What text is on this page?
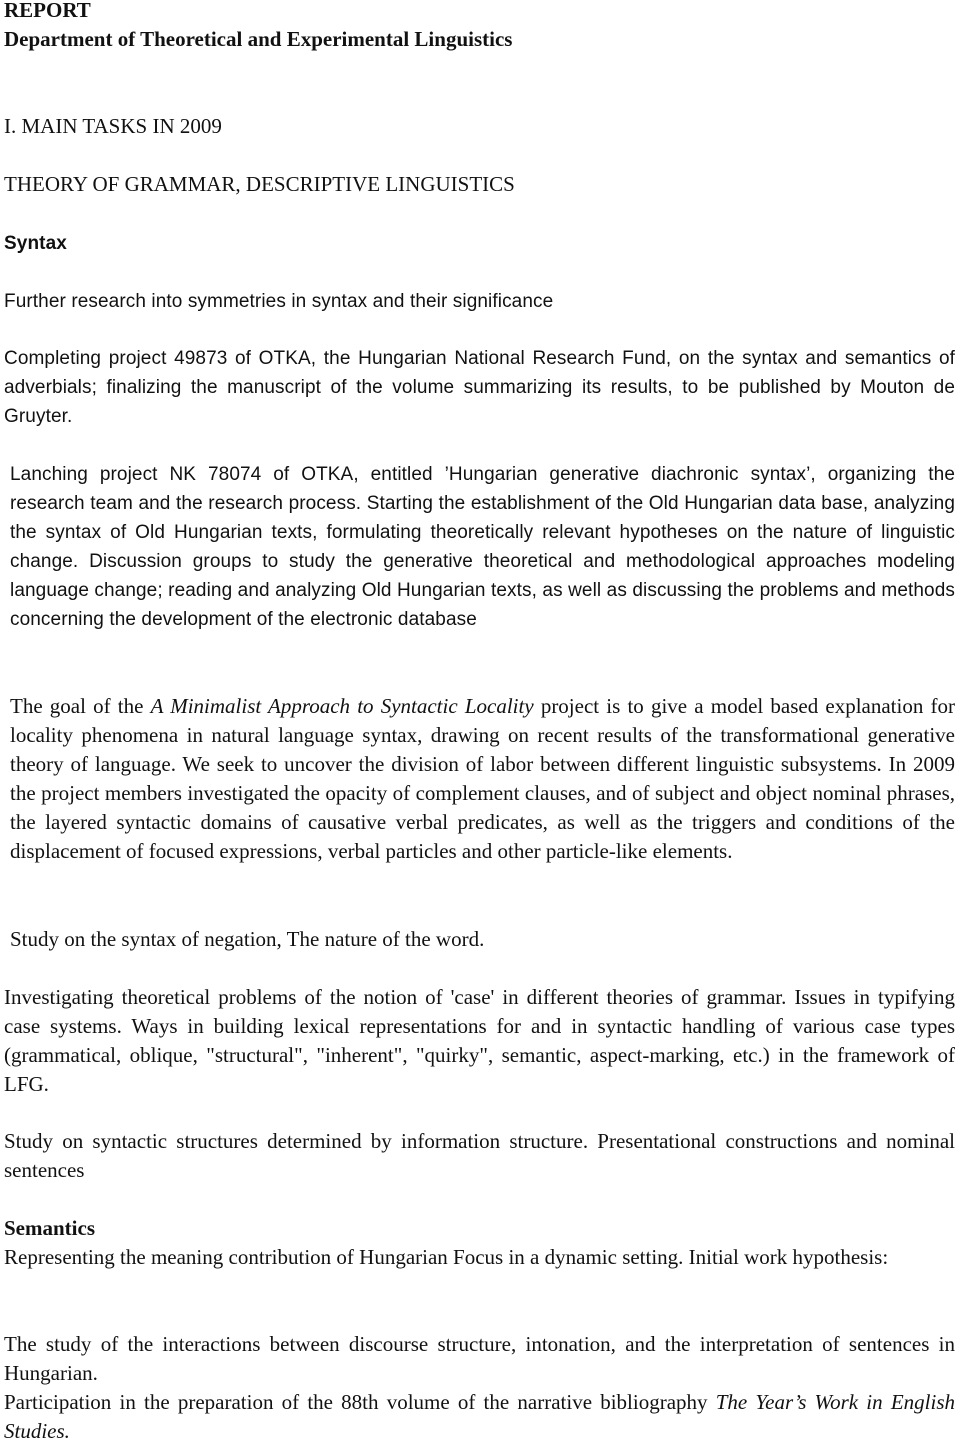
REPORT

Department of Theoretical and Experimental Linguistics

I. MAIN TASKS IN 2009

THEORY OF GRAMMAR, DESCRIPTIVE LINGUISTICS

Syntax

Further research into symmetries in syntax and their significance

Completing project 49873 of OTKA, the Hungarian National Research Fund, on the syntax and semantics of adverbials; finalizing the manuscript of the volume summarizing its results, to be published by Mouton de Gruyter.

Lanching project NK 78074 of OTKA, entitled ’Hungarian generative diachronic syntax’, organizing the research team and the research process. Starting the establishment of the Old Hungarian data base, analyzing the syntax of Old Hungarian texts, formulating theoretically relevant hypotheses on the nature of linguistic change. Discussion groups to study the generative theoretical and methodological approaches modeling language change; reading and analyzing Old Hungarian texts, as well as discussing the problems and methods concerning the development of the electronic database

The goal of the A Minimalist Approach to Syntactic Locality project is to give a model based explanation for locality phenomena in natural language syntax, drawing on recent results of the transformational generative theory of language. We seek to uncover the division of labor between different linguistic subsystems. In 2009 the project members investigated the opacity of complement clauses, and of subject and object nominal phrases, the layered syntactic domains of causative verbal predicates, as well as the triggers and conditions of the displacement of focused expressions, verbal particles and other particle-like elements.

Study on the syntax of negation, The nature of the word.

Investigating theoretical problems of the notion of 'case' in different theories of grammar. Issues in typifying case systems. Ways in building lexical representations for and in syntactic handling of various case types (grammatical, oblique, "structural", "inherent", "quirky", semantic, aspect-marking, etc.) in the framework of LFG.

Study on syntactic structures determined by information structure. Presentational constructions and nominal sentences

Semantics

Representing the meaning contribution of Hungarian Focus in a dynamic setting. Initial work hypothesis:

The study of the interactions between discourse structure, intonation, and the interpretation of sentences in Hungarian.

Participation in the preparation of the 88th volume of the narrative bibliography The Year’s Work in English Studies.
